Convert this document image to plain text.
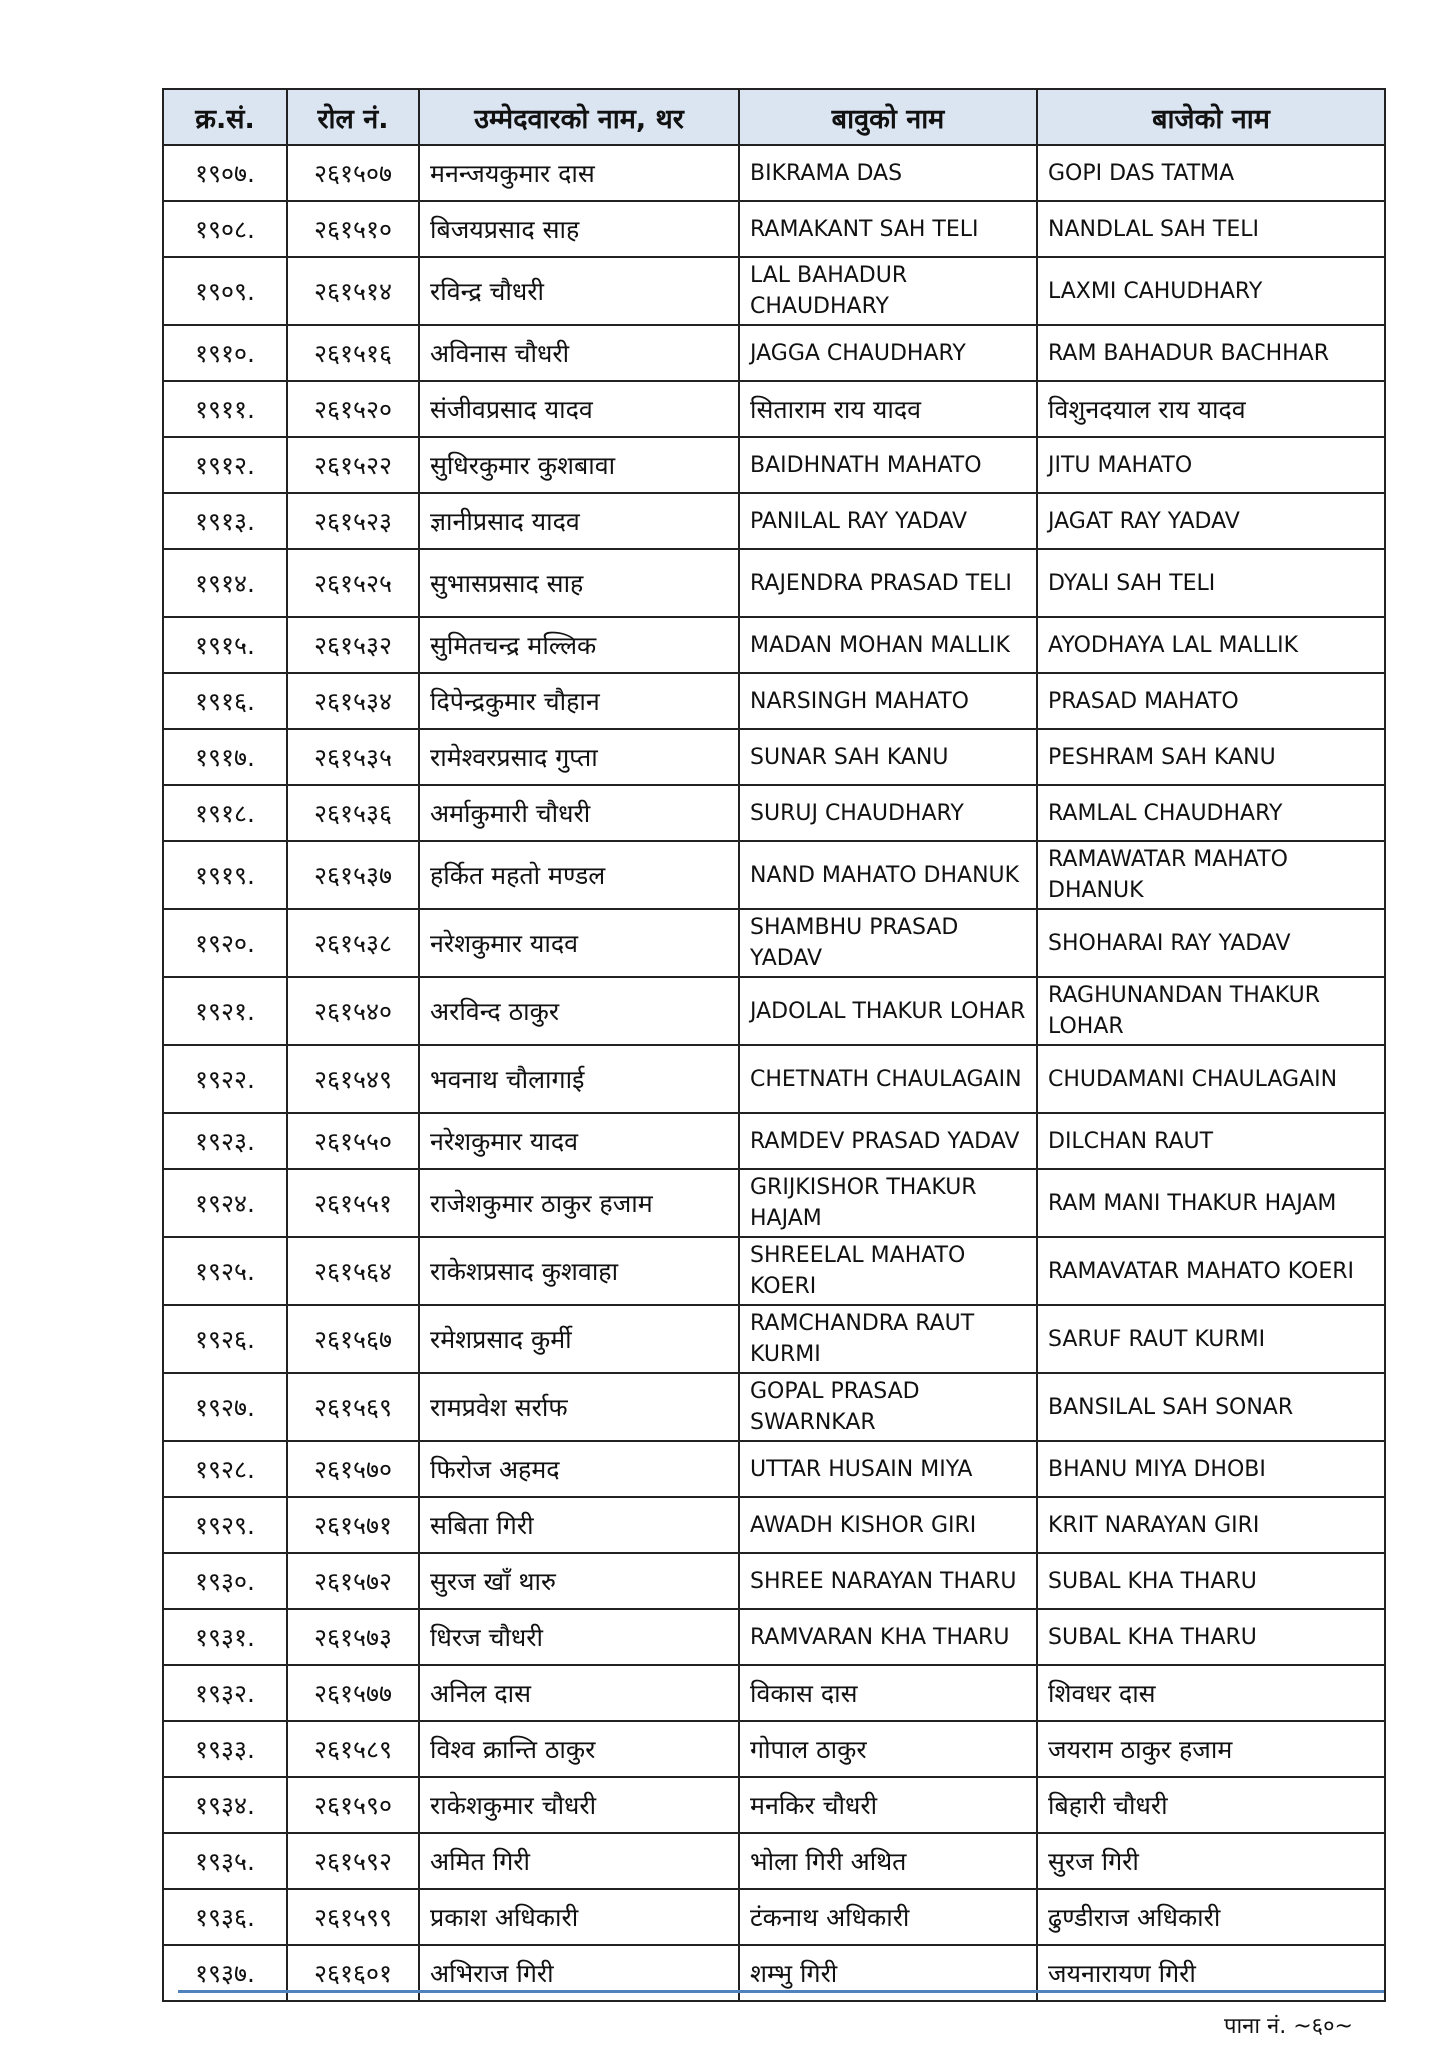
क्र.सं.	रोल नं.	उम्मेदवारको नाम, थर	बावुको नाम	बाजेको नाम
१९०७.	२६१५०७	मनन्जयकुमार दास	BIKRAMA DAS	GOPI DAS TATMA
१९०८.	२६१५१०	बिजयप्रसाद साह	RAMAKANT SAH TELI	NANDLAL SAH TELI
१९०९.	२६१५१४	रविन्द्र चौधरी	LAL BAHADUR CHAUDHARY	LAXMI CAHUDHARY
१९१०.	२६१५१६	अविनास चौधरी	JAGGA CHAUDHARY	RAM BAHADUR BACHHAR
१९११.	२६१५२०	संजीवप्रसाद यादव	सिताराम राय यादव	विशुनदयाल राय यादव
१९१२.	२६१५२२	सुधिरकुमार कुशबावा	BAIDHNATH MAHATO	JITU MAHATO
१९१३.	२६१५२३	ज्ञानीप्रसाद यादव	PANILAL RAY YADAV	JAGAT RAY YADAV
१९१४.	२६१५२५	सुभासप्रसाद साह	RAJENDRA PRASAD TELI	DYALI SAH TELI
१९१५.	२६१५३२	सुमितचन्द्र मल्लिक	MADAN MOHAN MALLIK	AYODHAYA LAL MALLIK
१९१६.	२६१५३४	दिपेन्द्रकुमार चौहान	NARSINGH MAHATO	PRASAD MAHATO
१९१७.	२६१५३५	रामेश्वरप्रसाद गुप्ता	SUNAR SAH KANU	PESHRAM SAH KANU
१९१८.	२६१५३६	अर्माकुमारी चौधरी	SURUJ CHAUDHARY	RAMLAL CHAUDHARY
१९१९.	२६१५३७	हर्कित महतो मण्डल	NAND MAHATO DHANUK	RAMAWATAR MAHATO DHANUK
१९२०.	२६१५३८	नरेशकुमार यादव	SHAMBHU PRASAD YADAV	SHOHARAI RAY YADAV
१९२१.	२६१५४०	अरविन्द ठाकुर	JADOLAL THAKUR LOHAR	RAGHUNANDAN THAKUR LOHAR
१९२२.	२६१५४९	भवनाथ चौलागाई	CHETNATH CHAULAGAIN	CHUDAMANI CHAULAGAIN
१९२३.	२६१५५०	नरेशकुमार यादव	RAMDEV PRASAD YADAV	DILCHAN RAUT
१९२४.	२६१५५१	राजेशकुमार ठाकुर हजाम	GRIJKISHOR THAKUR HAJAM	RAM MANI THAKUR HAJAM
१९२५.	२६१५६४	राकेशप्रसाद कुशवाहा	SHREELAL MAHATO KOERI	RAMAVATAR MAHATO KOERI
१९२६.	२६१५६७	रमेशप्रसाद कुर्मी	RAMCHANDRA RAUT KURMI	SARUF RAUT KURMI
१९२७.	२६१५६९	रामप्रवेश सर्राफ	GOPAL PRASAD SWARNKAR	BANSILAL SAH SONAR
१९२८.	२६१५७०	फिरोज अहमद	UTTAR HUSAIN MIYA	BHANU MIYA DHOBI
१९२९.	२६१५७१	सबिता गिरी	AWADH KISHOR GIRI	KRIT NARAYAN GIRI
१९३०.	२६१५७२	सुरज खाँ थारु	SHREE NARAYAN THARU	SUBAL KHA THARU
१९३१.	२६१५७३	धिरज चौधरी	RAMVARAN KHA THARU	SUBAL KHA THARU
१९३२.	२६१५७७	अनिल दास	विकास दास	शिवधर दास
१९३३.	२६१५८९	विश्व क्रान्ति ठाकुर	गोपाल ठाकुर	जयराम ठाकुर हजाम
१९३४.	२६१५९०	राकेशकुमार चौधरी	मनकिर चौधरी	बिहारी चौधरी
१९३५.	२६१५९२	अमित गिरी	भोला गिरी अथित	सुरज गिरी
१९३६.	२६१५९९	प्रकाश अधिकारी	टंकनाथ अधिकारी	ढुण्डीराज अधिकारी
१९३७.	२६१६०१	अभिराज गिरी	शम्भु गिरी	जयनारायण गिरी
पाना नं. ~६०~
